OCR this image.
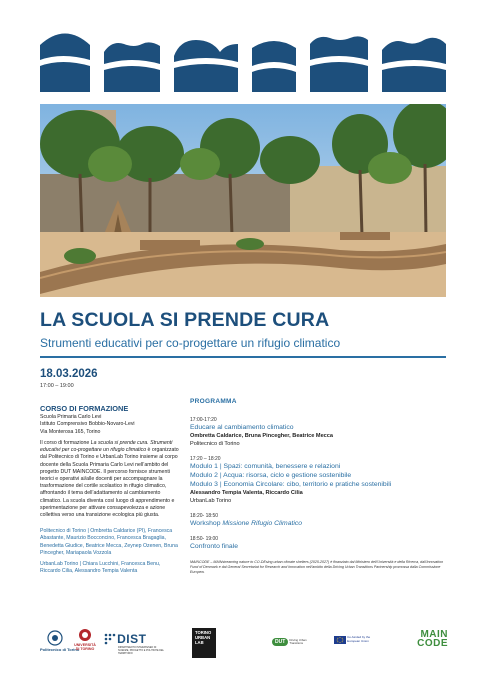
LA SCUOLA SI PRENDE CURA
Strumenti educativi per co-progettare un rifugio climatico
18.03.2026
17:00 – 19:00
CORSO DI FORMAZIONE
Scuola Primaria Carlo Levi
Istituto Comprensivo Bobbio-Novaro-Levi
Via Monterosa 165, Torino
Il corso di formazione La scuola si prende cura. Strumenti educativi per co-progettare un rifugio climatico è organizzato dal Politecnico di Torino e UrbanLab Torino insieme al corpo docente della Scuola Primaria Carlo Levi nell’ambito del progetto DUT MAINCODE. Il percorso fornisce strumenti teorici e operativi ai/alle docenti per accompagnare la trasformazione del cortile scolastico in rifugio climatico, affrontando il tema dell’adattamento al cambiamento climatico. La scuola diventa così luogo di apprendimento e sperimentazione per attivare consapevolezza e azione collettiva verso una transizione ecologica più giusta.
Politecnico di Torino | Ombretta Caldarice (PI), Francesca Abastante, Maurizio Bocconcino, Francesca Bragaglia, Benedetta Giudice, Beatrice Mecca, Zeynep Ozenen, Bruna Pincegher, Mariapaola Vozzola
UrbanLab Torino | Chiara Lucchini, Francesca Benu, Riccardo Cilia, Alessandro Tempia Valenta
PROGRAMMA
17:00-17:20
Educare al cambiamento climatico
Ombretta Caldarice, Bruna Pincegher, Beatrice Mecca
Politecnico di Torino
17:20 – 18:20
Modulo 1 | Spazi: comunità, benessere e relazioni
Modulo 2 | Acqua: risorsa, ciclo e gestione sostenibile
Modulo 3 | Economia Circolare: cibo, territorio e pratiche sostenibili
Alessandro Tempia Valenta, Riccardo Cilia
UrbanLab Torino
18:20- 18:50
Workshop Missione Rifugio Climatico
18:50- 19:00
Confronto finale
MAINCODE – MAINstreaming nature to CO-DEsing urban climate shelters (2025-2027) è finanziato dal Ministero dell’Università e della Ricerca, dall’Innovation Fund of Denmark e dal General Secretariat for Research and Innovation nell’ambito della Driving Urban Transitions Partnership promossa dalla Commissione Europea.
Politecnico di Torino
UNIVERSITÀ
DI TORINO
DIST
DIPARTIMENTO INTERATENEO DI SCIENZE, PROGETTO E POLITICHE DEL TERRITORIO
TORINO
URBAN
LAB	DUT Driving Urban Transitions
Co-funded by the European Union
MAIN
CODE
